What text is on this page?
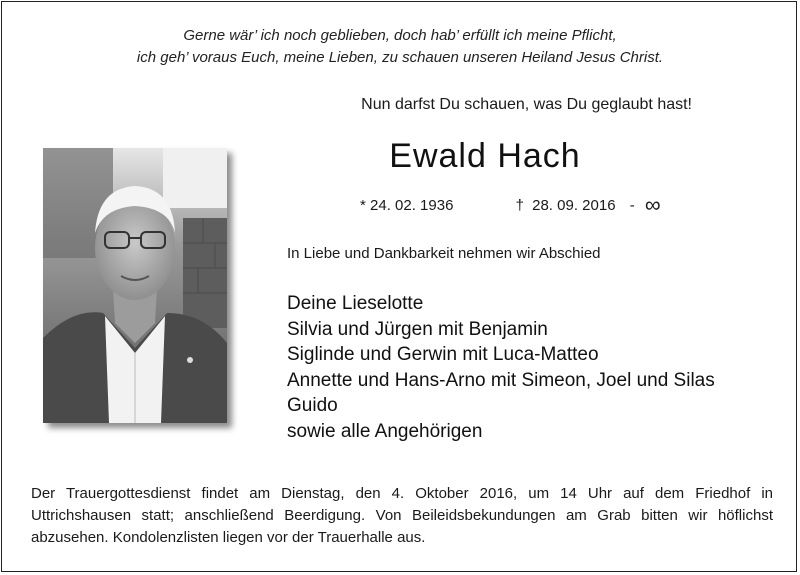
Gerne wär’ ich noch geblieben, doch hab’ erfüllt ich meine Pflicht,
ich geh’ voraus Euch, meine Lieben, zu schauen unseren Heiland Jesus Christ.
Nun darfst Du schauen, was Du geglaubt hast!
Ewald Hach
* 24. 02. 1936	† 28. 09. 2016 - ∞
In Liebe und Dankbarkeit nehmen wir Abschied
Deine Lieselotte
Silvia und Jürgen mit Benjamin
Siglinde und Gerwin mit Luca-Matteo
Annette und Hans-Arno mit Simeon, Joel und Silas
Guido
sowie alle Angehörigen
Der Trauergottesdienst findet am Dienstag, den 4. Oktober 2016, um 14 Uhr auf dem Friedhof in Uttrichshausen statt; anschließend Beerdigung. Von Beileidsbekundungen am Grab bitten wir höflichst abzusehen. Kondolenzlisten liegen vor der Trauerhalle aus.
